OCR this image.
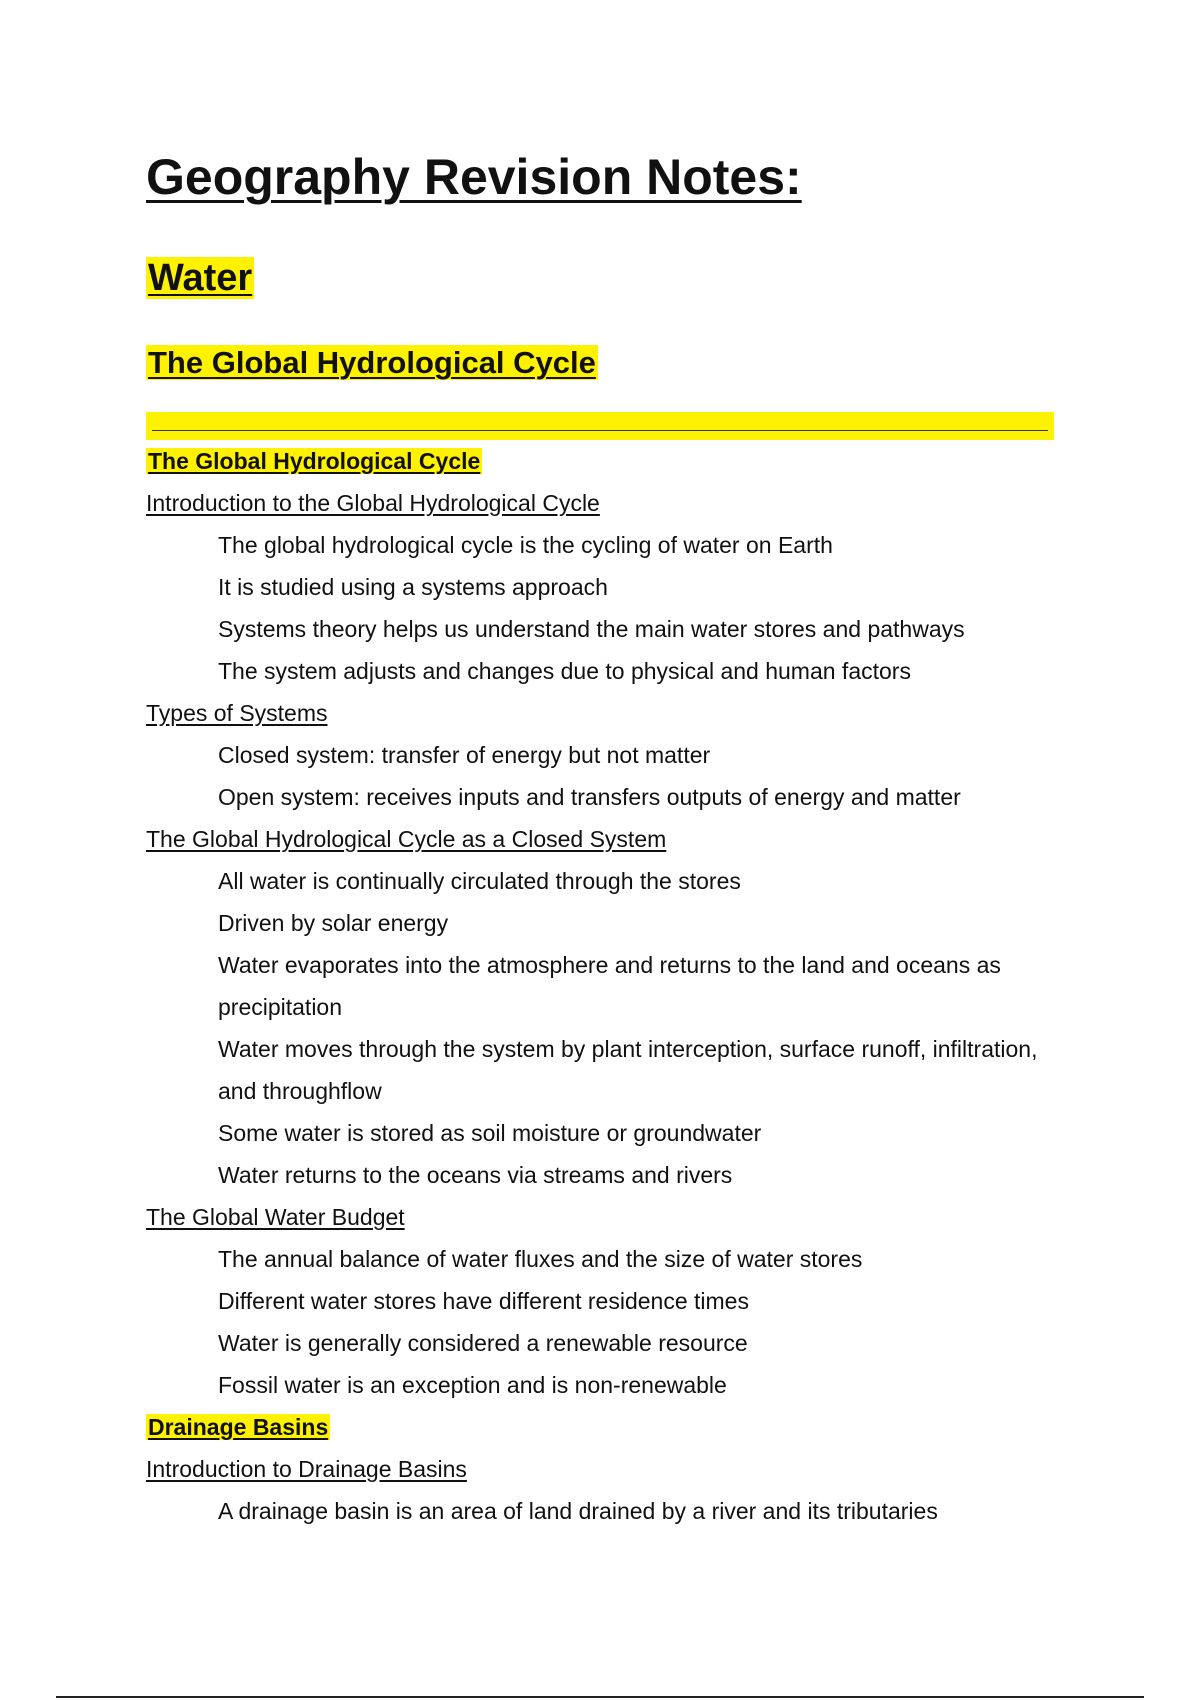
Geography Revision Notes:
Water
The Global Hydrological Cycle
The Global Hydrological Cycle
Introduction to the Global Hydrological Cycle
The global hydrological cycle is the cycling of water on Earth
It is studied using a systems approach
Systems theory helps us understand the main water stores and pathways
The system adjusts and changes due to physical and human factors
Types of Systems
Closed system: transfer of energy but not matter
Open system: receives inputs and transfers outputs of energy and matter
The Global Hydrological Cycle as a Closed System
All water is continually circulated through the stores
Driven by solar energy
Water evaporates into the atmosphere and returns to the land and oceans as precipitation
Water moves through the system by plant interception, surface runoff, infiltration, and throughflow
Some water is stored as soil moisture or groundwater
Water returns to the oceans via streams and rivers
The Global Water Budget
The annual balance of water fluxes and the size of water stores
Different water stores have different residence times
Water is generally considered a renewable resource
Fossil water is an exception and is non-renewable
Drainage Basins
Introduction to Drainage Basins
A drainage basin is an area of land drained by a river and its tributaries
